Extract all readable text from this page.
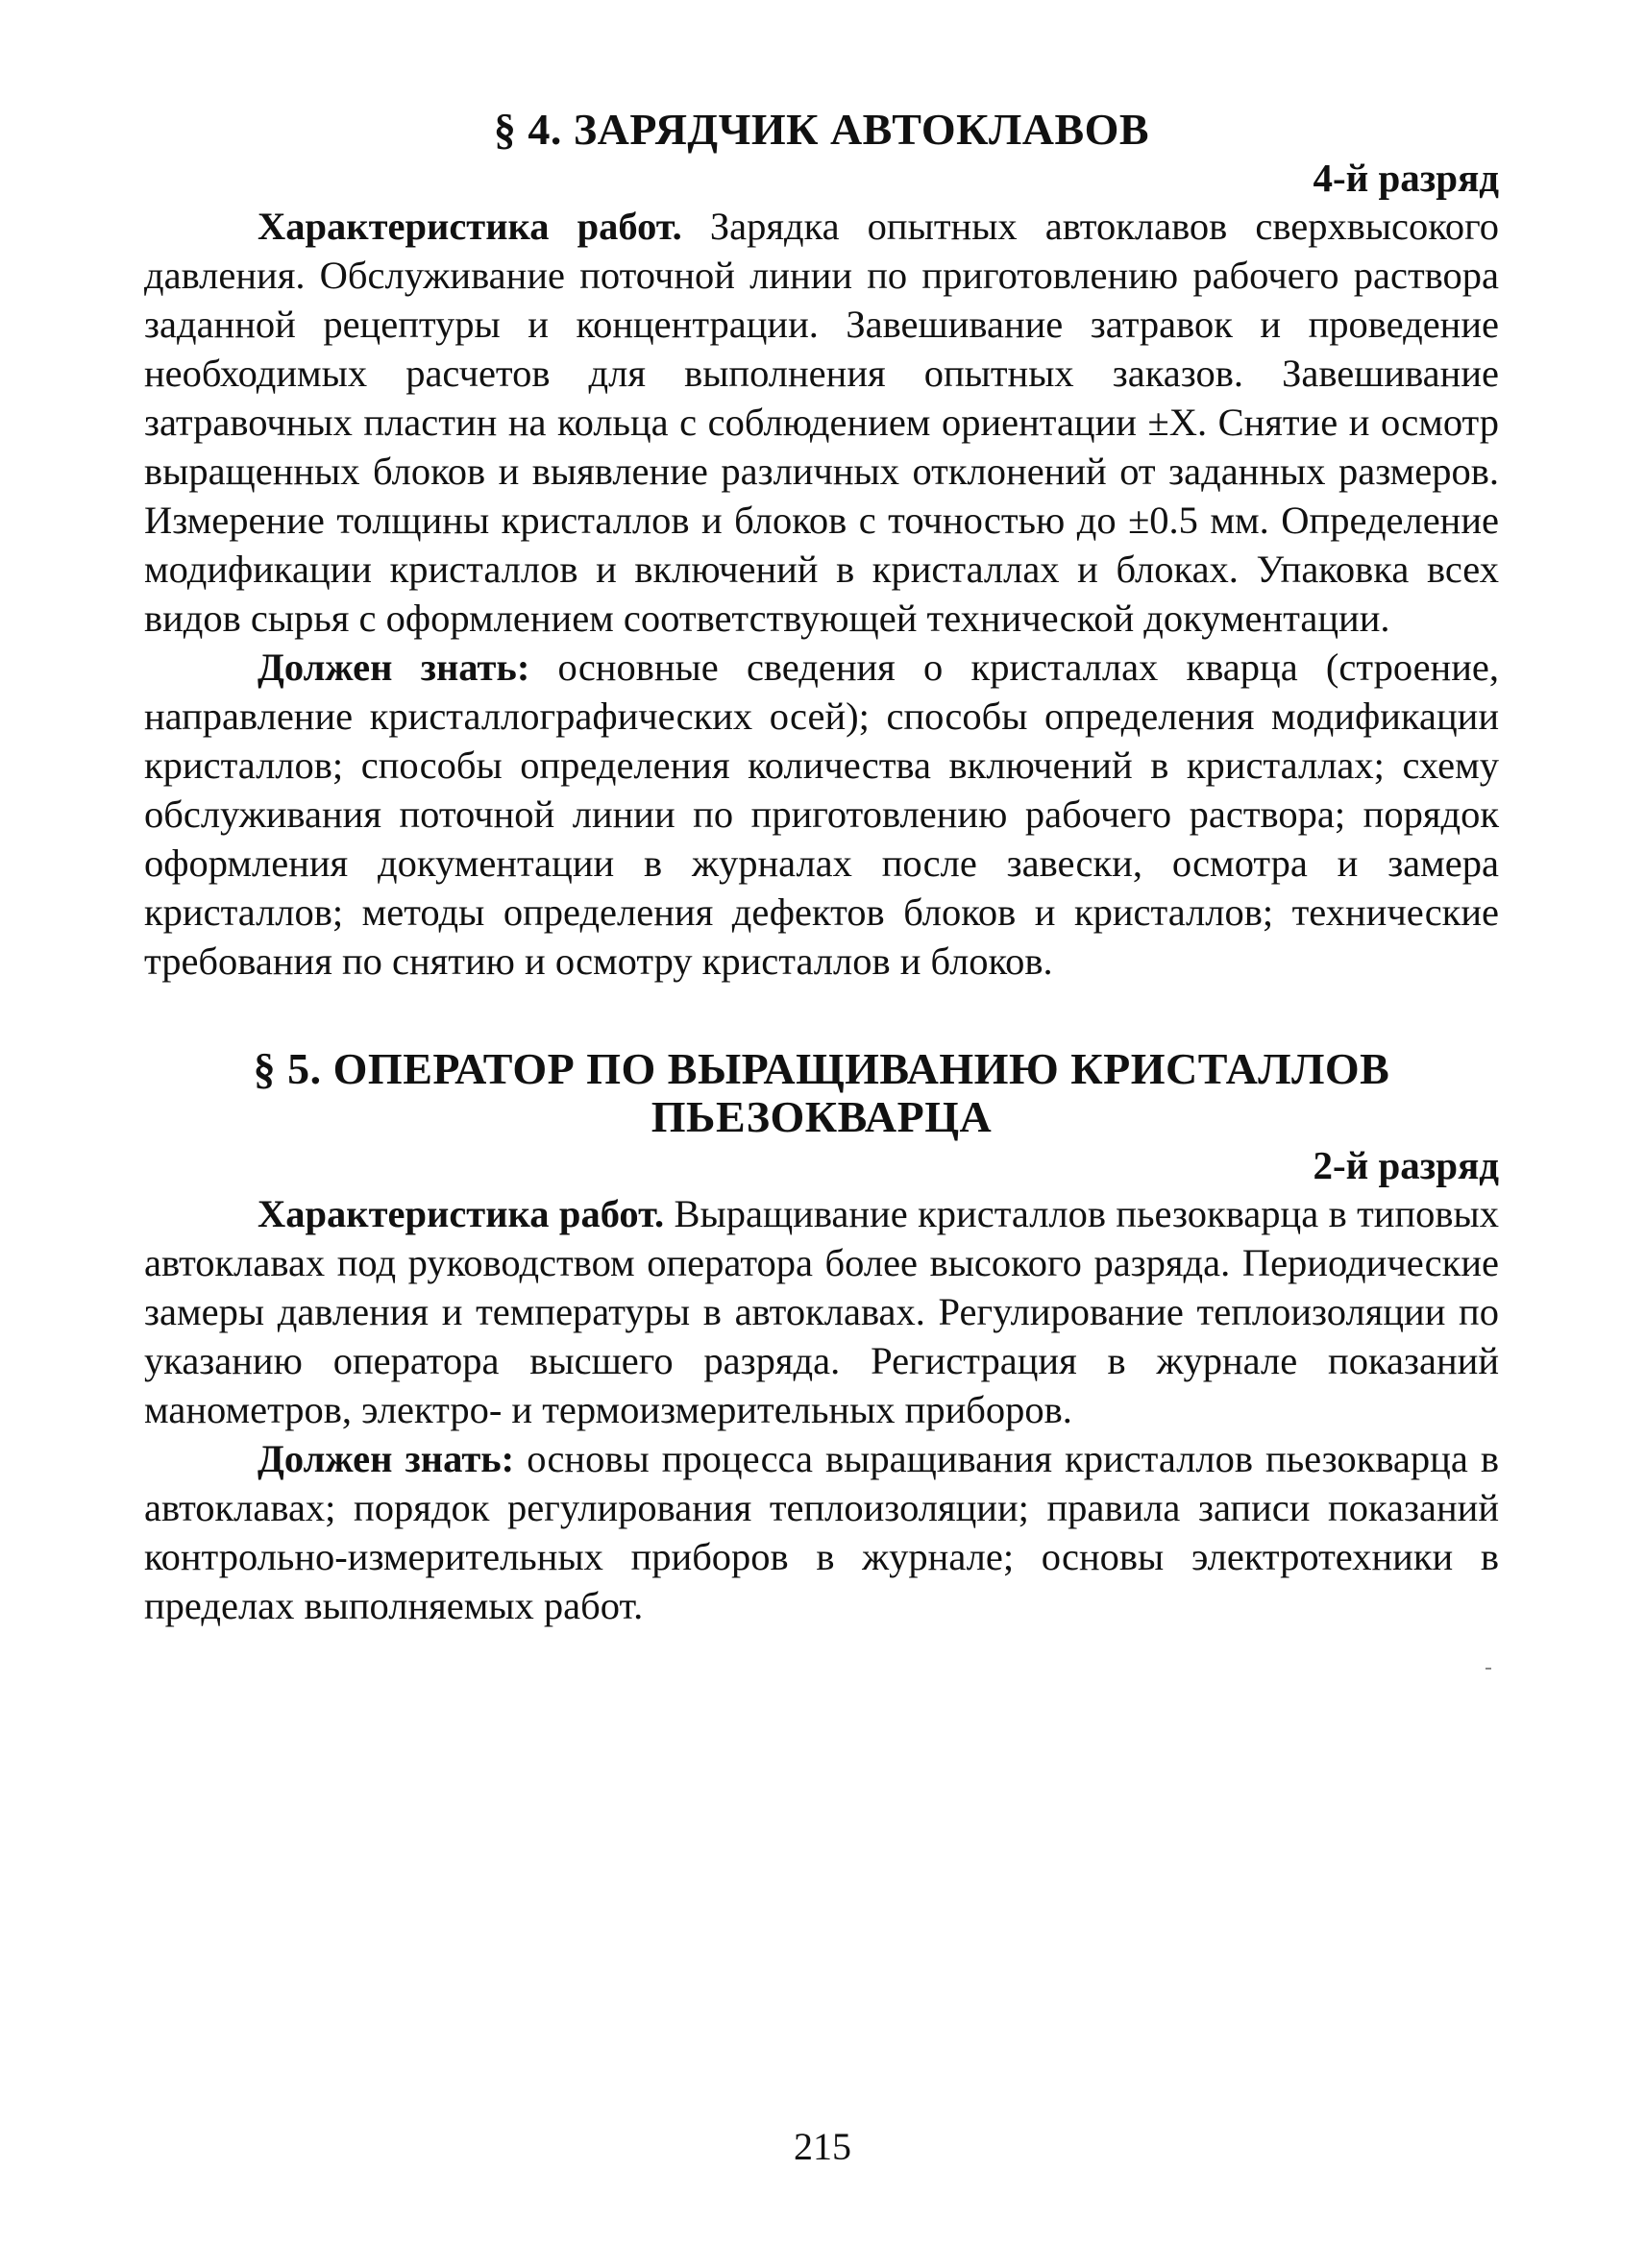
§ 4. ЗАРЯДЧИК АВТОКЛАВОВ

4-й разряд

Характеристика работ. Зарядка опытных автоклавов сверхвысокого давления. Обслуживание поточной линии по приготовлению рабочего раствора заданной рецептуры и концентрации. Завешивание затравок и проведение необходимых расчетов для выполнения опытных заказов. Завешивание затравочных пластин на кольца с соблюдением ориентации ±Х. Снятие и осмотр выращенных блоков и выявление различных отклонений от заданных размеров. Измерение толщины кристаллов и блоков с точностью до ±0.5 мм. Определение модификации кристаллов и включений в кристаллах и блоках. Упаковка всех видов сырья с оформлением соответствующей технической документации.

Должен знать: основные сведения о кристаллах кварца (строение, направление кристаллографических осей); способы определения модификации кристаллов; способы определения количества включений в кристаллах; схему обслуживания поточной линии по приготовлению рабочего раствора; порядок оформления документации в журналах после завески, осмотра и замера кристаллов; методы определения дефектов блоков и кристаллов; технические требования по снятию и осмотру кристаллов и блоков.

§ 5. ОПЕРАТОР ПО ВЫРАЩИВАНИЮ КРИСТАЛЛОВ
ПЬЕЗОКВАРЦА

2-й разряд

Характеристика работ. Выращивание кристаллов пьезокварца в типовых автоклавах под руководством оператора более высокого разряда. Периодические замеры давления и температуры в автоклавах. Регулирование теплоизоляции по указанию оператора высшего разряда. Регистрация в журнале показаний манометров, электро- и термоизмерительных приборов.

Должен знать: основы процесса выращивания кристаллов пьезокварца в автоклавах; порядок регулирования теплоизоляции; правила записи показаний контрольно-измерительных приборов в журнале; основы электротехники в пределах выполняемых работ.

215
